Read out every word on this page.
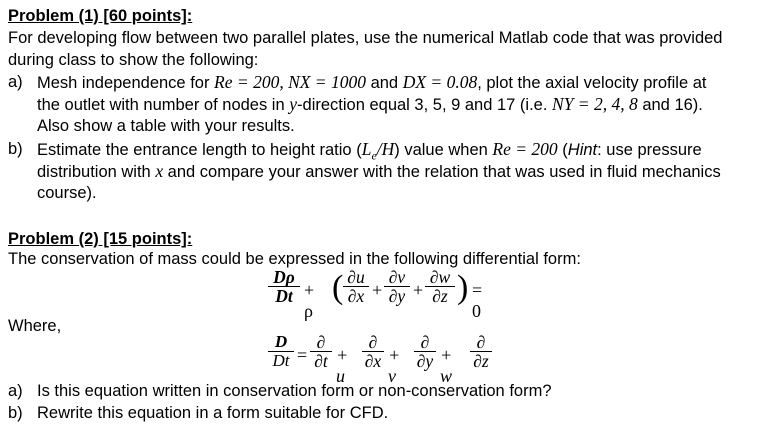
Problem (1) [60 points]:
For developing flow between two parallel plates, use the numerical Matlab code that was provided
during class to show the following:
a) Mesh independence for Re = 200, NX = 1000 and DX = 0.08, plot the axial velocity profile at
the outlet with number of nodes in y-direction equal 3, 5, 9 and 17 (i.e. NY = 2, 4, 8 and 16).
Also show a table with your results.
b) Estimate the entrance length to height ratio $(L_e/H)$ value when Re = 200 (Hint: use pressure
distribution with x and compare your answer with the relation that was used in fluid mechanics
course).
Problem (2) [15 points]:
The conservation of mass could be expressed in the following differential form:
$\frac{D\rho}{Dt} + \rho$
( $\frac{\partial u}{\partial x} + \frac{\partial v}{\partial y} + \frac{\partial w}{\partial z}$ ) = 0
Where,
$\frac{D}{Dt}$ =
∂
∂t + u
∂
∂x + v
∂
∂y + w
∂
∂z
a) Is this equation written in conservation form or non-conservation form?
b) Rewrite this equation in a form suitable for CFD.
